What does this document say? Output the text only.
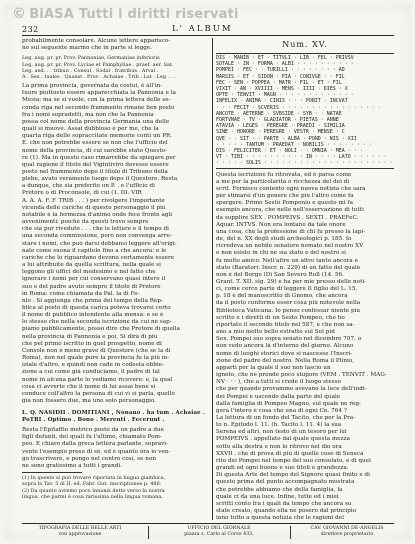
© BiASA Tutti i diritti riservati
232	L' ALBUM
probabilmente consolare. Alcune lettere apparisco-
no sul seguente marmo che in parte si legge.
Leg. aug. pr. pr. Prov. Pannoniae, Germaniae inferioris
Leg. aug. pr. pr. Prov. Lyciae et Pamphyliae . praef. aer. Sat.
Leg. aed. . . tribun . Consul . Sodal . fratribus . Arval .
A . Sex . tuales . Quaest . Prov . Achaiae . Trib . Lat . Leg . . .
La prima provincia, governata da costui, è all'in-
tuore piuttosto essere apparecchiata la Pannonia e la
Mesia; ma se si vuole, con la prima lettera delle se-
conda riga nel secondo frammento rimane ben posto
fra i nomi sopradetti, ma non che la Pannonia
possa col nome della provincia Germania una delle
quali si muove. Assai dubbioso è per me, che la
quarta riga delle sopraccitate memorie conti un PR.
E. che non potrebbe essere se non che l'ufficio del
nome della provincia, di cui sarebbe stato Questo-
re (1). Ma in questo caso rimarrebbe da spiegare per
qual ragione il titolo del Vigintiviro dovesse essere
posto nel frammento dopo il titolo di Tribuno della
plebe, avuto veramente luogo dopo il Questore. Resta
a dunque, che sia preferito un P. . e l'ufficio di
Pretore o di Proconsole, di cui (1. III. VIR
A. A. A. F. F. TRIB . . . ) per rivolgere l'importante
vicenda delle cariche di questo personaggio il più
notabile è la fermezza d'animo onde fece fronte agli
avvenimenti: poiché da questi trovo sempre
che sia pur riveduto . . . che le lettere e il tempo di
una seconda commissione, però non convenga arre-
stare i nomi, che può darsi debbansi leggere all'origi-
nale come suona il capitolo fino a che ancora: e le
cariche che lo riguardano devono certamente essere
a lui attribuite da quella scrittura, nella quale si
leggono gli uffici del medesimo e nel fatto che
ignorare i nomi per cui conservano quasi intero il
suo e del padre avuto sempre il titolo di Pretore
in Roma: come chiamata da Pal. la di Fe-
nlo . Si aggiunga che prima del tempo della Rep-
blica al posto di questa carica poteva trovarsi certo
il nome di pubblico intendente alla mensa: e se è
lo stesso che nella seconda iscrizione da cui ne sap-
piamo pubblicamente, posso dire che Pretore di quella
nella provincia di Pannonia e poi, Si dirà di più
che pel primo iscritto in quel prospetto, nome di
Console non è meno grave di Questore (che se la di
Roma), non nel quale pure la provincia fu la più in-
iziale d'altro, e quindi non cade in codesta obbie-
zione a cui come già conduciamo, il padre di tal
nome in alcuna parte lo vediamo ricevere: e, la qual
cosa ci avverte che il nome di lui assai bene si
conduce coll'altro la persona di cui vi si parla, quello
già non fossero due, ma uno solo personaggio.
L. Q. NASIDII . DOMITIANI , Nonano . ha tum . Achaiae .
PoTRI . Optimo . Bono . Merenti . Fecerunt .
Resta l'Epitaffio metrico posto da un padre a due
figli defunti, dei quali fu l'ultimo, chiamato Pom-
peo. È chiaro dalla greca lettera parlante, sopravi-
vente l'esempio preso di sé, ed è quanto ora io ven-
go trascrivere, e pongo nel centro così, se non
ne sono gratissimo a tutti i grandi.
(1) In questo si può trovare riportata in lingua giambica,
sopra la Tav. 5 di II. ed. Fabr. Gut. inscriptiones p. 486.
(2) Da quanto avremo poco innanzi detto verso la nostra
lingua, che parmi è cosa rarissima nella lingua romana.
Num. XV.
DIS · MANIB · ET · TITVLI · LIB · FEL · PRIVSV
SOTALE · IN · FORMA · ALBI · · · · · · · · · ·
POMPEI · FEC · · TURILLI · · · · · · · · AD
MARSIS · ET · SIDON · PIA · CONIVGE · · FIL
FEC · SEN · POPPEA · MATR · FIL · ET · FIL
VIXIT · AN · XVIIII · MENS · IIII · DIES · X
OPTE · TENVIT · MAGN · · · · · · · · · · · · ·
INFELIX · ANIMA · CINIS · · · PONIT · INCVAT
· · · FECIT · SCVERIS · · · · · · · · · · · · · · · · ·
ANCOTE · AETERNE · SVBSIDE · SYB · · NATAE
FORTVNAE · TV · GLADIATOR · PIETAS · ANNE
ATAVIA · LEGES · PEREGRE · PRAEDI · SIMILIA
SINE · HONORE · PEREGRE · VESTR · MENSE · C
QVE · · SIT · · PARTE · ALBA · POND · NIS · XII
· · · · · TANTUM · PRAEDAT · NOBILIS · · · · · · · ·
DIS · FELICITER · ET · NOLI · · OMNIA · MEA · · ·
VT · TIBI · · · · · · · · · · IN · · · · LATO · · · · · ·
· · · · · SOLIS · · · · · · · · · · · · · · · · · · · · · ·
Questa iscrizione fu ritrovata, ed è parsa come
a me per la particolarità e ricchezza del dei di
scrit. Fornisco contento ogni nuova notizia che sarà
per stimarsi d'un genere che più l'altro come fa
spargere. Primo Sesto Pomponio e questo mi fa
esempio ancora, che nelle nell'osservazione di tutti
da supplire SEX . POMPEIVS . SEXTI . PRAEFeC.
Aquar. INTVS. Non era lontano da tale onore
una cosa, che la professione di chi fu presso la lapi-
de, del n. XX degli studi archeologici p. 185. Io
ricredeva un nobile senatore nomato nel nostro XV
e non esisto in chi ne sia stato e del nostro si
fu molto amico. Nell'altre un altro tanto ancora è
stato (Baratori. Inscr. n. 229) di un fatto del quale
non è del Borgo (Di San Severo Roll (14. 56.
Grant. T. XII. sig. 29) e ha per mie presso delle noti-
ci, come cerco parte di leggere Il figlio del L. 15,
p. 18 è del manoscritto di Gnomo, che ancora
da il posto conforme esser cosa più notevole nella
Biblioteca Vaticana. Io penso confessar niente più
scritto e i diretti di un Sesto Pompeo, che ho
riportato il secondo titolo nel 587, e che non sa-
ano a mio molto bello estratto sul Sol pid
Sex. Pompei suo sopra senato nel dicembre 707, o
non vedo ancora là d'interno del giorno. Alcuno
nome di luoghi storici dove si nascesse l'Inscri-
zione del padre del nostro. Nella Roma il Plinio,
apparti per la quale il suo non lasciò un
ignoto, che ne prende poco stupore (VEM . TENVIT . MAG-
NV · · · ), che a tutti si crede il luogo stesso
che per quando provammo avevano la luce dell'indi-
dei Pompei e uscendo dalla parte del quale
dalla famiglia di Pompeo Magno, sul quale ne reg-
gera l'intero è cosa che una di ogni Cn. 764 ?
La lettura di un fondo del Tacito, che per la Pra-
to n. Epitodo l. 11. (h. Tacito l. 11. 4) la sua
Serena ed altri, non testo di un tesoro per lui
POMPEIVS . appellato dal quale questa mezza
sotto alla destra e non lo ritrovo nel dio ora
XXVII . che di prova di più di quelle cose di Seneca
rito dei Pompei nel tempo del suo consolato, e di quel
grandi ed ogni buono e suo titoli e grandezza.
Di questa Arte del tempo del Signore quasi finito e di
questo prima del punto accompagnato mostrata
che potrebbe abbiamo che della famiglia, la
quale ci da una luce. Infine, tutte ed i miei
scritti conto fra i quali da tempo che ancora su
state creato, quando ella ne posero dal principio
inno tutto a questa notizia che le ragioni del
TIPOGRAFIA DELLE BELLE ARTI
con approvazione
UFFICIO DEL GIORNALE
piazza s. Carlo al Corso 433.
CAV. GIOVANNI DE-ANGELIS
direttore proprietario
